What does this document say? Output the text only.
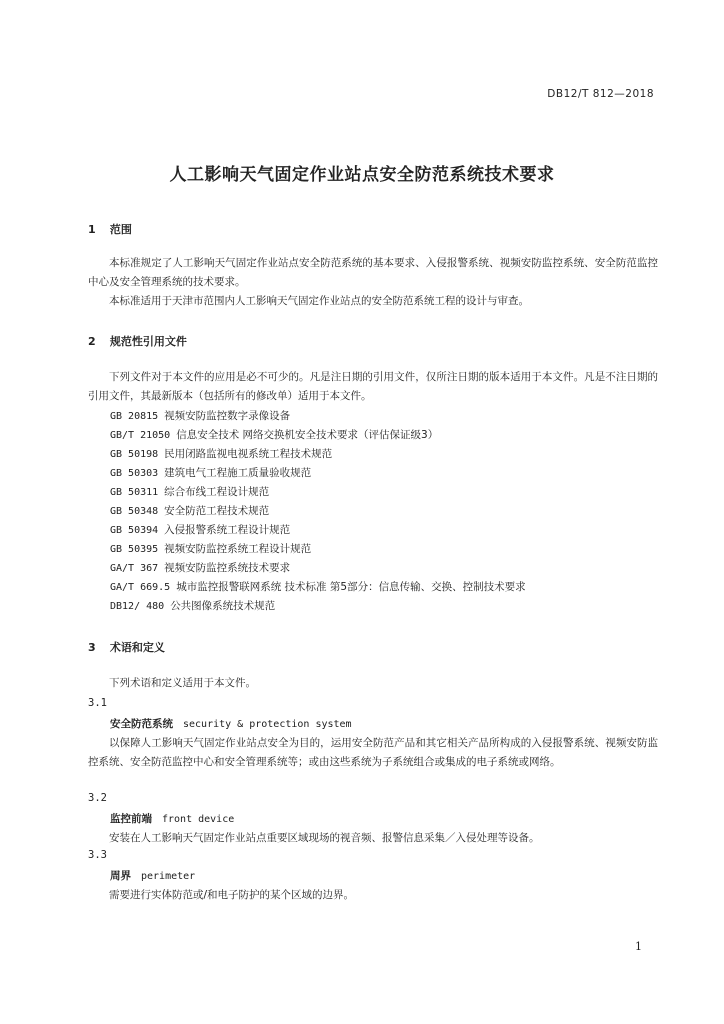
DB12/T 812—2018
人工影响天气固定作业站点安全防范系统技术要求
1 范围
本标准规定了人工影响天气固定作业站点安全防范系统的基本要求、入侵报警系统、视频安防监控系统、安全防范监控中心及安全管理系统的技术要求。
本标准适用于天津市范围内人工影响天气固定作业站点的安全防范系统工程的设计与审查。
2 规范性引用文件
下列文件对于本文件的应用是必不可少的。凡是注日期的引用文件，仅所注日期的版本适用于本文件。凡是不注日期的引用文件，其最新版本（包括所有的修改单）适用于本文件。
GB 20815 视频安防监控数字录像设备
GB/T 21050 信息安全技术 网络交换机安全技术要求（评估保证级3）
GB 50198 民用闭路监视电视系统工程技术规范
GB 50303 建筑电气工程施工质量验收规范
GB 50311 综合布线工程设计规范
GB 50348 安全防范工程技术规范
GB 50394 入侵报警系统工程设计规范
GB 50395 视频安防监控系统工程设计规范
GA/T 367 视频安防监控系统技术要求
GA/T 669.5 城市监控报警联网系统 技术标准 第5部分：信息传输、交换、控制技术要求
DB12/ 480 公共图像系统技术规范
3 术语和定义
下列术语和定义适用于本文件。
3.1
安全防范系统 security & protection system
以保障人工影响天气固定作业站点安全为目的，运用安全防范产品和其它相关产品所构成的入侵报警系统、视频安防监控系统、安全防范监控中心和安全管理系统等；或由这些系统为子系统组合或集成的电子系统或网络。
3.2
监控前端 front device
安装在人工影响天气固定作业站点重要区域现场的视音频、报警信息采集／入侵处理等设备。
3.3
周界 perimeter
需要进行实体防范或/和电子防护的某个区域的边界。
1
